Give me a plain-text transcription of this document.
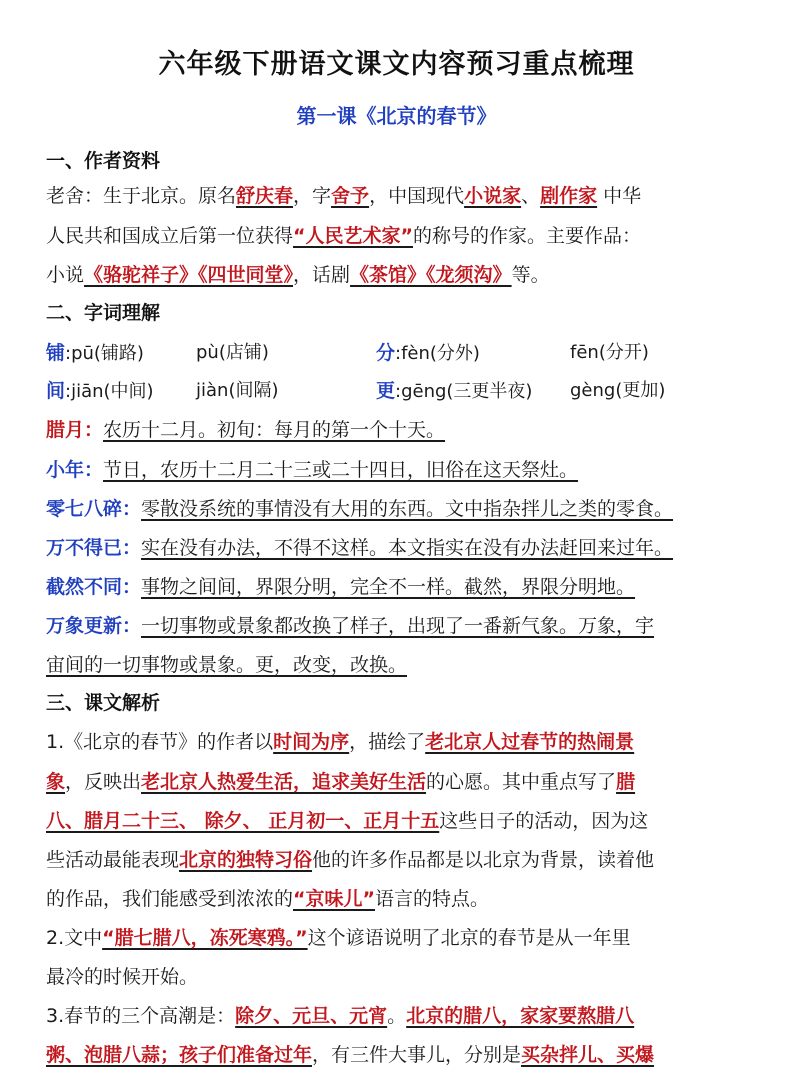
六年级下册语文课文内容预习重点梳理
第一课《北京的春节》
一、作者资料
老舍：生于北京。原名舒庆春，字舍予，中国现代小说家、剧作家 中华
人民共和国成立后第一位获得“人民艺术家”的称号的作家。主要作品：
小说《骆驼祥子》《四世同堂》，话剧《茶馆》《龙须沟》等。
二、字词理解
铺:pū(铺路)	pù(店铺)	分:fèn(分外)	fēn(分开)
间:jiān(中间) jiàn(间隔)	更:gēng(三更半夜) gèng(更加)
腊月：农历十二月。初旬：每月的第一个十天。
小年：节日，农历十二月二十三或二十四日，旧俗在这天祭灶。
零七八碎：零散没系统的事情没有大用的东西。文中指杂拌儿之类的零食。
万不得已：实在没有办法，不得不这样。本文指实在没有办法赶回来过年。
截然不同：事物之间间，界限分明，完全不一样。截然，界限分明地。
万象更新：一切事物或景象都改换了样子，出现了一番新气象。万象，宇
宙间的一切事物或景象。更，改变，改换。
三、课文解析
1.《北京的春节》的作者以时间为序，描绘了老北京人过春节的热闹景
象，反映出老北京人热爱生活，追求美好生活的心愿。其中重点写了腊
八、腊月二十三、 除夕、 正月初一、正月十五这些日子的活动，因为这
些活动最能表现北京的独特习俗他的许多作品都是以北京为背景，读着他
的作品，我们能感受到浓浓的“京味儿”语言的特点。
2.文中“腊七腊八，冻死寒鸦。”这个谚语说明了北京的春节是从一年里
最冷的时候开始。
3.春节的三个高潮是：除夕、元旦、元宵。北京的腊八，家家要熬腊八
粥、泡腊八蒜；孩子们准备过年，有三件大事儿，分别是买杂拌儿、买爆
